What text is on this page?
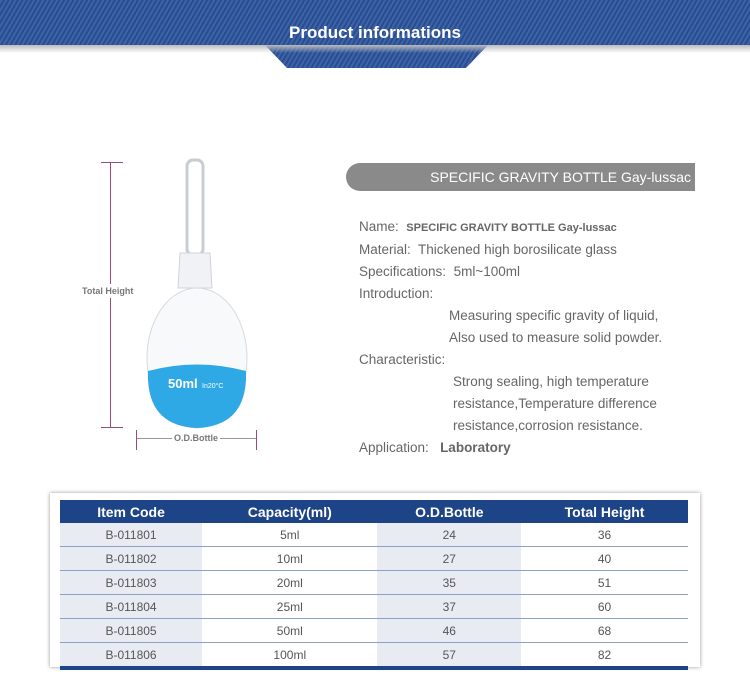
Product informations
Total Height
O.D.Bottle
50ml In20°C
SPECIFIC GRAVITY BOTTLE Gay-lussac
Name: SPECIFIC GRAVITY BOTTLE Gay-lussac
Material: Thickened high borosilicate glass
Specifications: 5ml~100ml
Introduction:
Measuring specific gravity of liquid,
Also used to measure solid powder.
Characteristic:
Strong sealing, high temperature
resistance,Temperature difference
resistance,corrosion resistance.
Application: Laboratory
Item Code	Capacity(ml)	O.D.Bottle	Total Height
B-011801	5ml	24	36
B-011802	10ml	27	40
B-011803	20ml	35	51
B-011804	25ml	37	60
B-011805	50ml	46	68
B-011806	100ml	57	82
